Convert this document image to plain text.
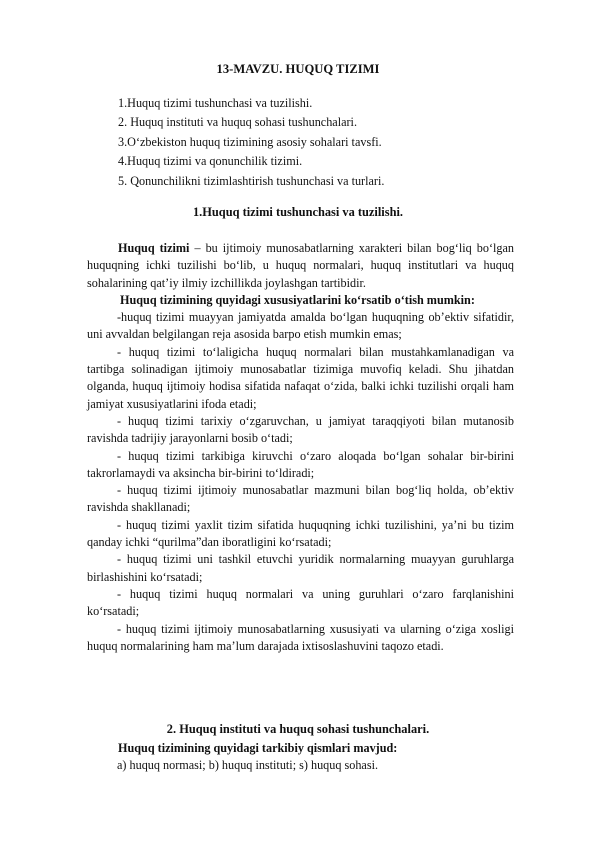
13-MAVZU. HUQUQ TIZIMI
1.Huquq tizimi tushunchasi va tuzilishi.
2. Huquq instituti va huquq sohasi tushunchalari.
3.O‘zbekiston huquq tizimining asosiy sohalari tavsfi.
4.Huquq tizimi va qonunchilik tizimi.
5. Qonunchilikni tizimlashtirish tushunchasi va turlari.
1.Huquq tizimi tushunchasi va tuzilishi.

Huquq tizimi – bu ijtimoiy munosabatlarning xarakteri bilan bog‘liq bo‘lgan huquqning ichki tuzilishi bo‘lib, u huquq normalari, huquq institutlari va huquq sohalarining qat’iy ilmiy izchillikda joylashgan tartibidir.

Huquq tizimining quyidagi xususiyatlarini ko‘rsatib o‘tish mumkin:

-huquq tizimi muayyan jamiyatda amalda bo‘lgan huquqning ob’ektiv sifatidir, uni avvaldan belgilangan reja asosida barpo etish mumkin emas;

- huquq tizimi to‘laligicha huquq normalari bilan mustahkamlanadigan va tartibga solinadigan ijtimoiy munosabatlar tizimiga muvofiq keladi. Shu jihatdan olganda, huquq ijtimoiy hodisa sifatida nafaqat o‘zida, balki ichki tuzilishi orqali ham jamiyat xususiyatlarini ifoda etadi;

- huquq tizimi tarixiy o‘zgaruvchan, u jamiyat taraqqiyoti bilan mutanosib ravishda tadrijiy jarayonlarni bosib o‘tadi;

- huquq tizimi tarkibiga kiruvchi o‘zaro aloqada bo‘lgan sohalar bir-birini takrorlamaydi va aksincha bir-birini to‘ldiradi;

- huquq tizimi ijtimoiy munosabatlar mazmuni bilan bog‘liq holda, ob’ektiv ravishda shakllanadi;

- huquq tizimi yaxlit tizim sifatida huquqning ichki tuzilishini, ya’ni bu tizim qanday ichki “qurilma”dan iboratligini ko‘rsatadi;

- huquq tizimi uni tashkil etuvchi yuridik normalarning muayyan guruhlarga birlashishini ko‘rsatadi;

- huquq tizimi huquq normalari va uning guruhlari o‘zaro farqlanishini ko‘rsatadi;

- huquq tizimi ijtimoiy munosabatlarning xususiyati va ularning o‘ziga xosligi huquq normalarining ham ma’lum darajada ixtisoslashuvini taqozo etadi.

2. Huquq instituti va huquq sohasi tushunchalari.

Huquq tizimining quyidagi tarkibiy qismlari mavjud:

a) huquq normasi; b) huquq instituti; s) huquq sohasi.
